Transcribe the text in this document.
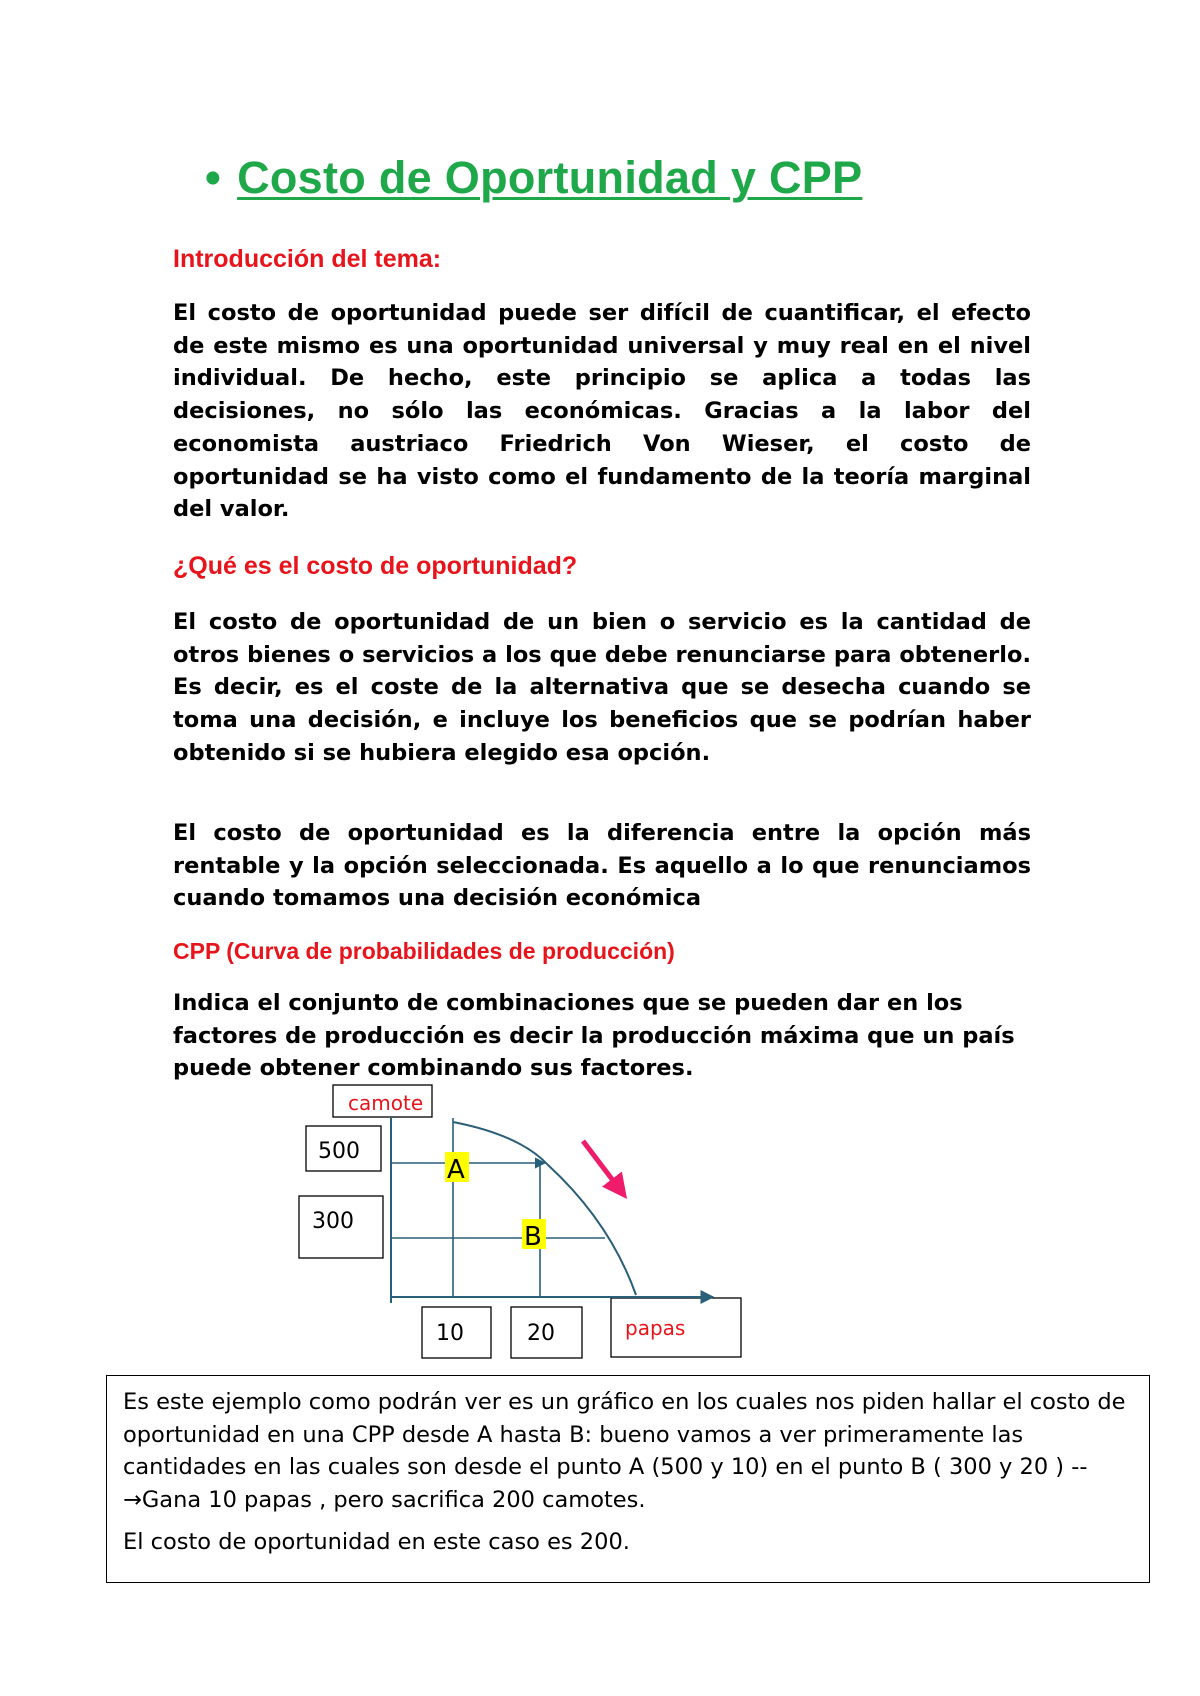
• Costo de Oportunidad y CPP
Introducción del tema:

El costo de oportunidad puede ser difícil de cuantificar, el efecto de este mismo es una oportunidad universal y muy real en el nivel individual. De hecho, este principio se aplica a todas las decisiones, no sólo las económicas. Gracias a la labor del economista austriaco Friedrich Von Wieser, el costo de oportunidad se ha visto como el fundamento de la teoría marginal del valor.

¿Qué es el costo de oportunidad?

El costo de oportunidad de un bien o servicio es la cantidad de otros bienes o servicios a los que debe renunciarse para obtenerlo. Es decir, es el coste de la alternativa que se desecha cuando se toma una decisión, e incluye los beneficios que se podrían haber obtenido si se hubiera elegido esa opción.

El costo de oportunidad es la diferencia entre la opción más rentable y la opción seleccionada. Es aquello a lo que renunciamos cuando tomamos una decisión económica

CPP (Curva de probabilidades de producción)

Indica el conjunto de combinaciones que se pueden dar en los factores de producción es decir la producción máxima que un país puede obtener combinando sus factores.

camote
500
300
10	20	papas
A
B

Es este ejemplo como podrán ver es un gráfico en los cuales nos piden hallar el costo de oportunidad en una CPP desde A hasta B: bueno vamos a ver primeramente las cantidades en las cuales son desde el punto A (500 y 10) en el punto B ( 300 y 20 ) --→Gana 10 papas , pero sacrifica 200 camotes.

El costo de oportunidad en este caso es 200.
